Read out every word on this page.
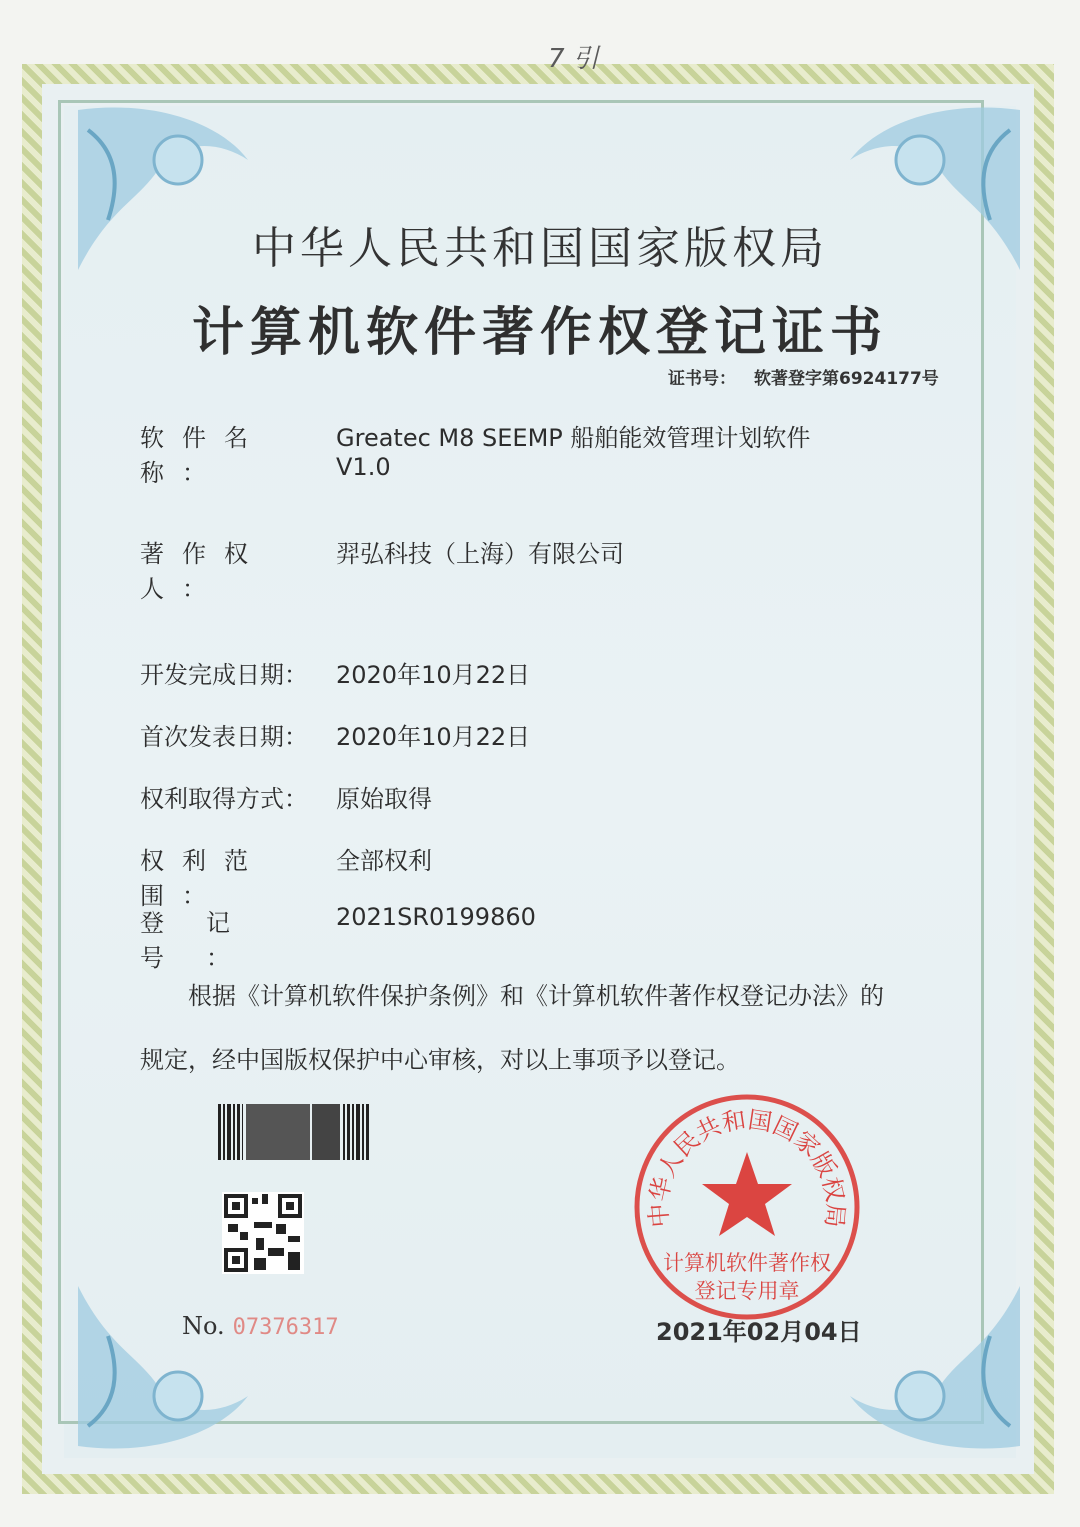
7 引
中华人民共和国国家版权局
计算机软件著作权登记证书
证书号： 软著登字第6924177号
软件名称：Greatec M8 SEEMP 船舶能效管理计划软件
V1.0
著作权人：羿弘科技（上海）有限公司
开发完成日期： 2020年10月22日
首次发表日期： 2020年10月22日
权利取得方式： 原始取得
权利范围：全部权利
登记号：2021SR0199860
根据《计算机软件保护条例》和《计算机软件著作权登记办法》的
规定，经中国版权保护中心审核，对以上事项予以登记。
No. 07376317
中华人民共和国国家版权局
计算机软件著作权
登记专用章
2021年02月04日
